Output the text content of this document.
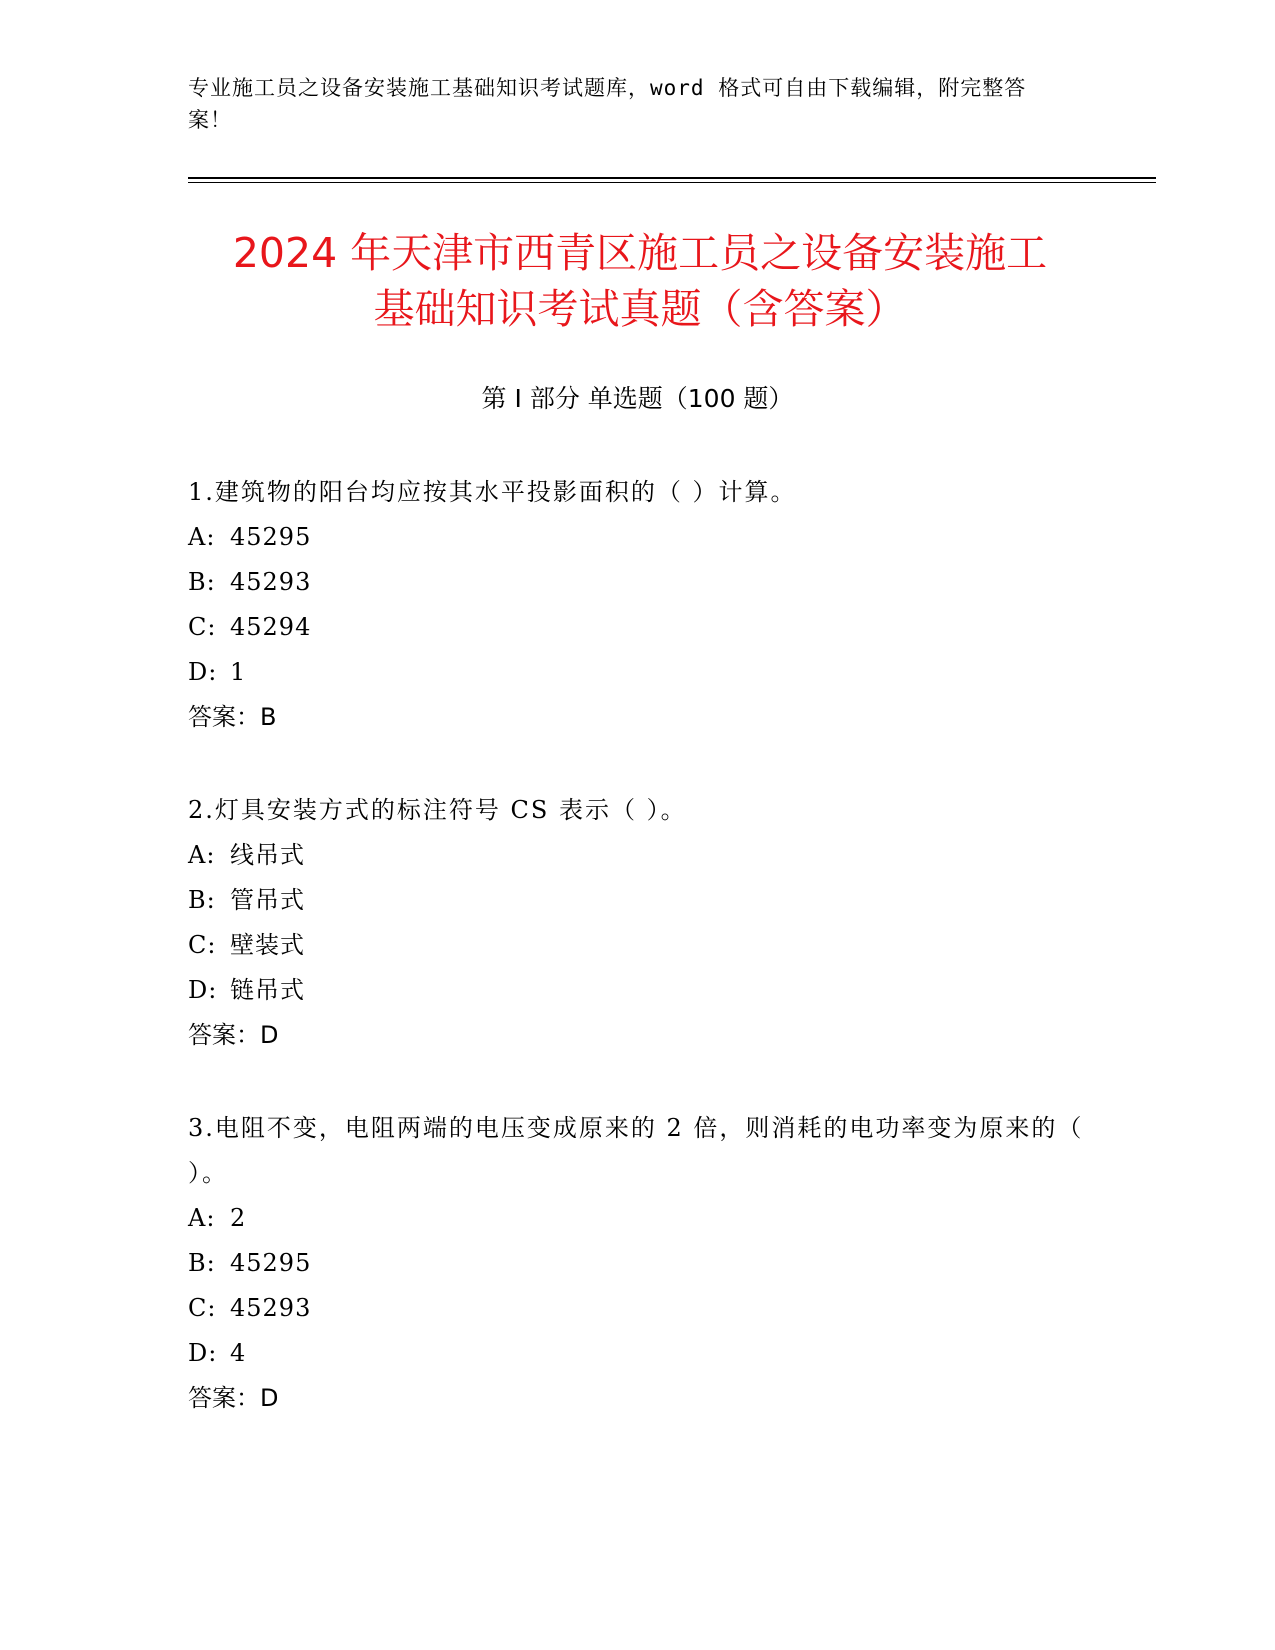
专业施工员之设备安装施工基础知识考试题库，word 格式可自由下载编辑，附完整答案！
2024 年天津市西青区施工员之设备安装施工
基础知识考试真题（含答案）
第 I 部分 单选题（100 题）
1.建筑物的阳台均应按其水平投影面积的（ ）计算。
A: 45295
B: 45293
C: 45294
D: 1
答案：B
2.灯具安装方式的标注符号 CS 表示（ ）。
A: 线吊式
B: 管吊式
C: 壁装式
D: 链吊式
答案：D
3.电阻不变，电阻两端的电压变成原来的 2 倍，则消耗的电功率变为原来的（ ）。
A: 2
B: 45295
C: 45293
D: 4
答案：D
